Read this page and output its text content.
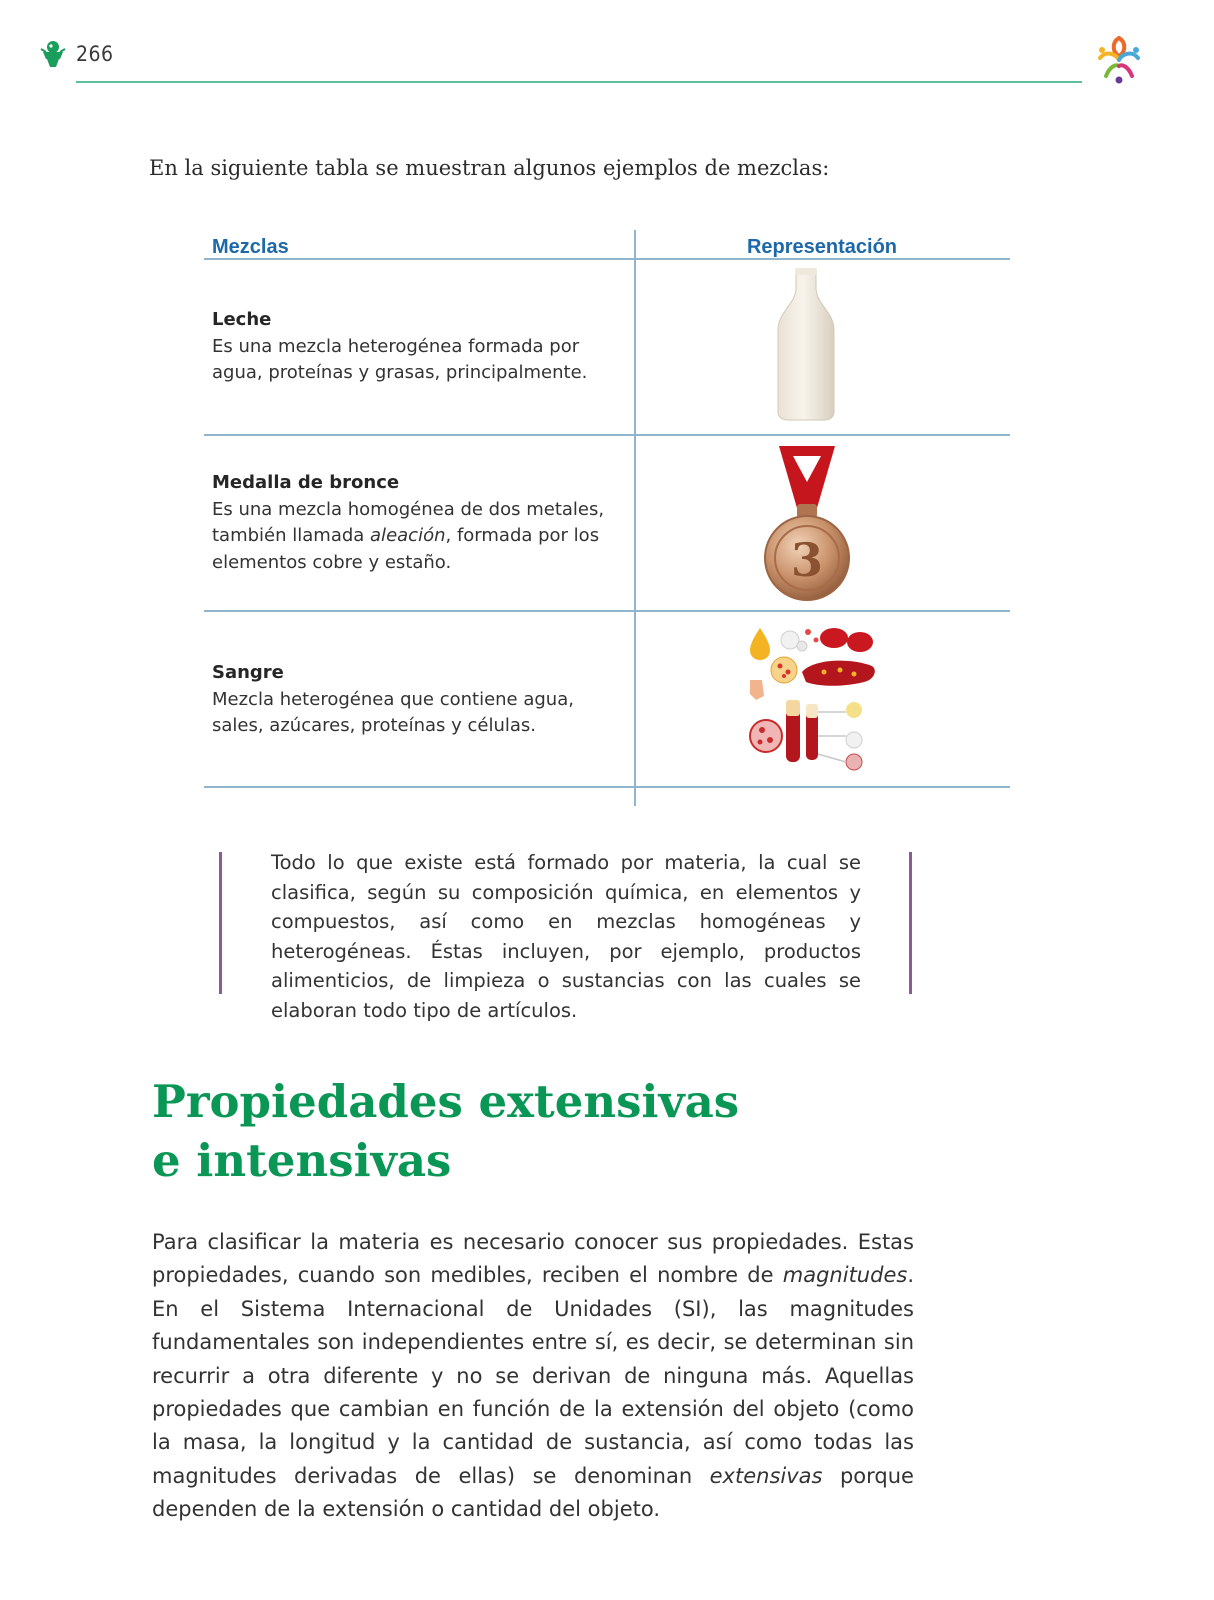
266

En la siguiente tabla se muestran algunos ejemplos de mezclas:

Mezclas	Representación
Leche
Es una mezcla heterogénea formada por agua, proteínas y grasas, principalmente.
Medalla de bronce
Es una mezcla homogénea de dos metales, también llamada aleación, formada por los elementos cobre y estaño.	3
Sangre
Mezcla heterogénea que contiene agua, sales, azúcares, proteínas y células.

Todo lo que existe está formado por materia, la cual se clasifica, según su composición química, en elementos y compuestos, así como en mezclas homogéneas y heterogéneas. Éstas incluyen, por ejemplo, productos alimenticios, de limpieza o sustancias con las cuales se elaboran todo tipo de artículos.

Propiedades extensivas
e intensivas

Para clasificar la materia es necesario conocer sus propiedades. Estas propiedades, cuando son medibles, reciben el nombre de magnitudes. En el Sistema Internacional de Unidades (SI), las magnitudes fundamentales son independientes entre sí, es decir, se determinan sin recurrir a otra diferente y no se derivan de ninguna más. Aquellas propiedades que cambian en función de la extensión del objeto (como la masa, la longitud y la cantidad de sustancia, así como todas las magnitudes derivadas de ellas) se denominan extensivas porque dependen de la extensión o cantidad del objeto.
